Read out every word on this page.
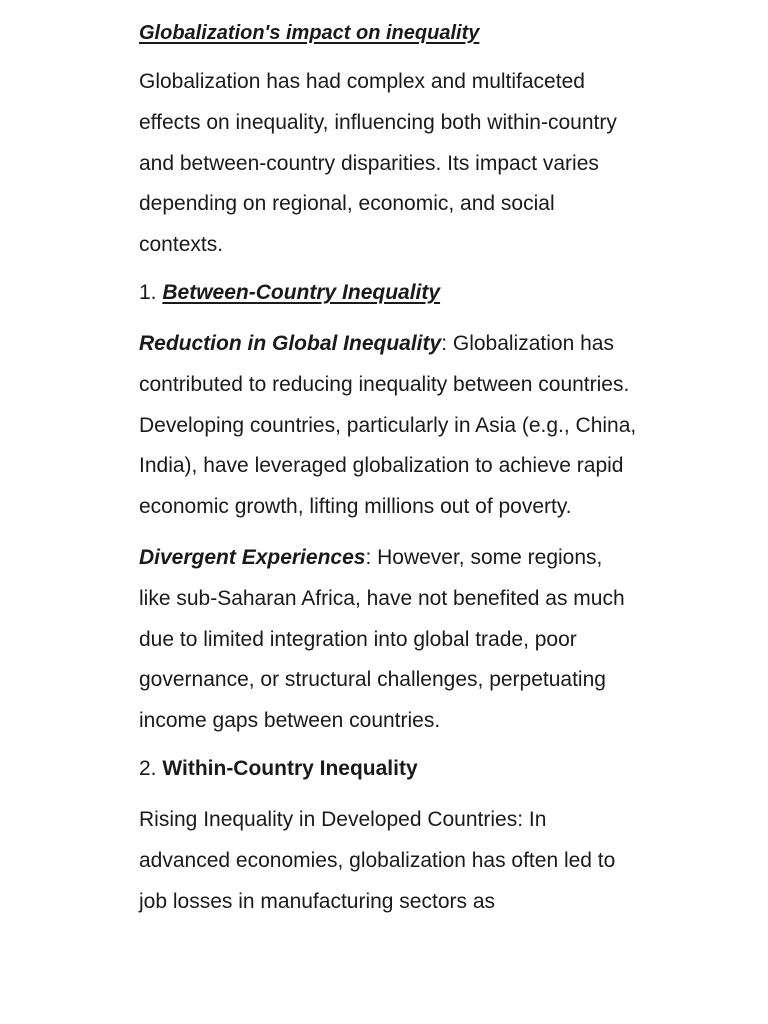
Globalization's impact on inequality

Globalization has had complex and multifaceted effects on inequality, influencing both within-country and between-country disparities. Its impact varies depending on regional, economic, and social contexts.

1. Between-Country Inequality

Reduction in Global Inequality: Globalization has contributed to reducing inequality between countries. Developing countries, particularly in Asia (e.g., China, India), have leveraged globalization to achieve rapid economic growth, lifting millions out of poverty.

Divergent Experiences: However, some regions, like sub-Saharan Africa, have not benefited as much due to limited integration into global trade, poor governance, or structural challenges, perpetuating income gaps between countries.

2. Within-Country Inequality

Rising Inequality in Developed Countries: In advanced economies, globalization has often led to job losses in manufacturing sectors as
